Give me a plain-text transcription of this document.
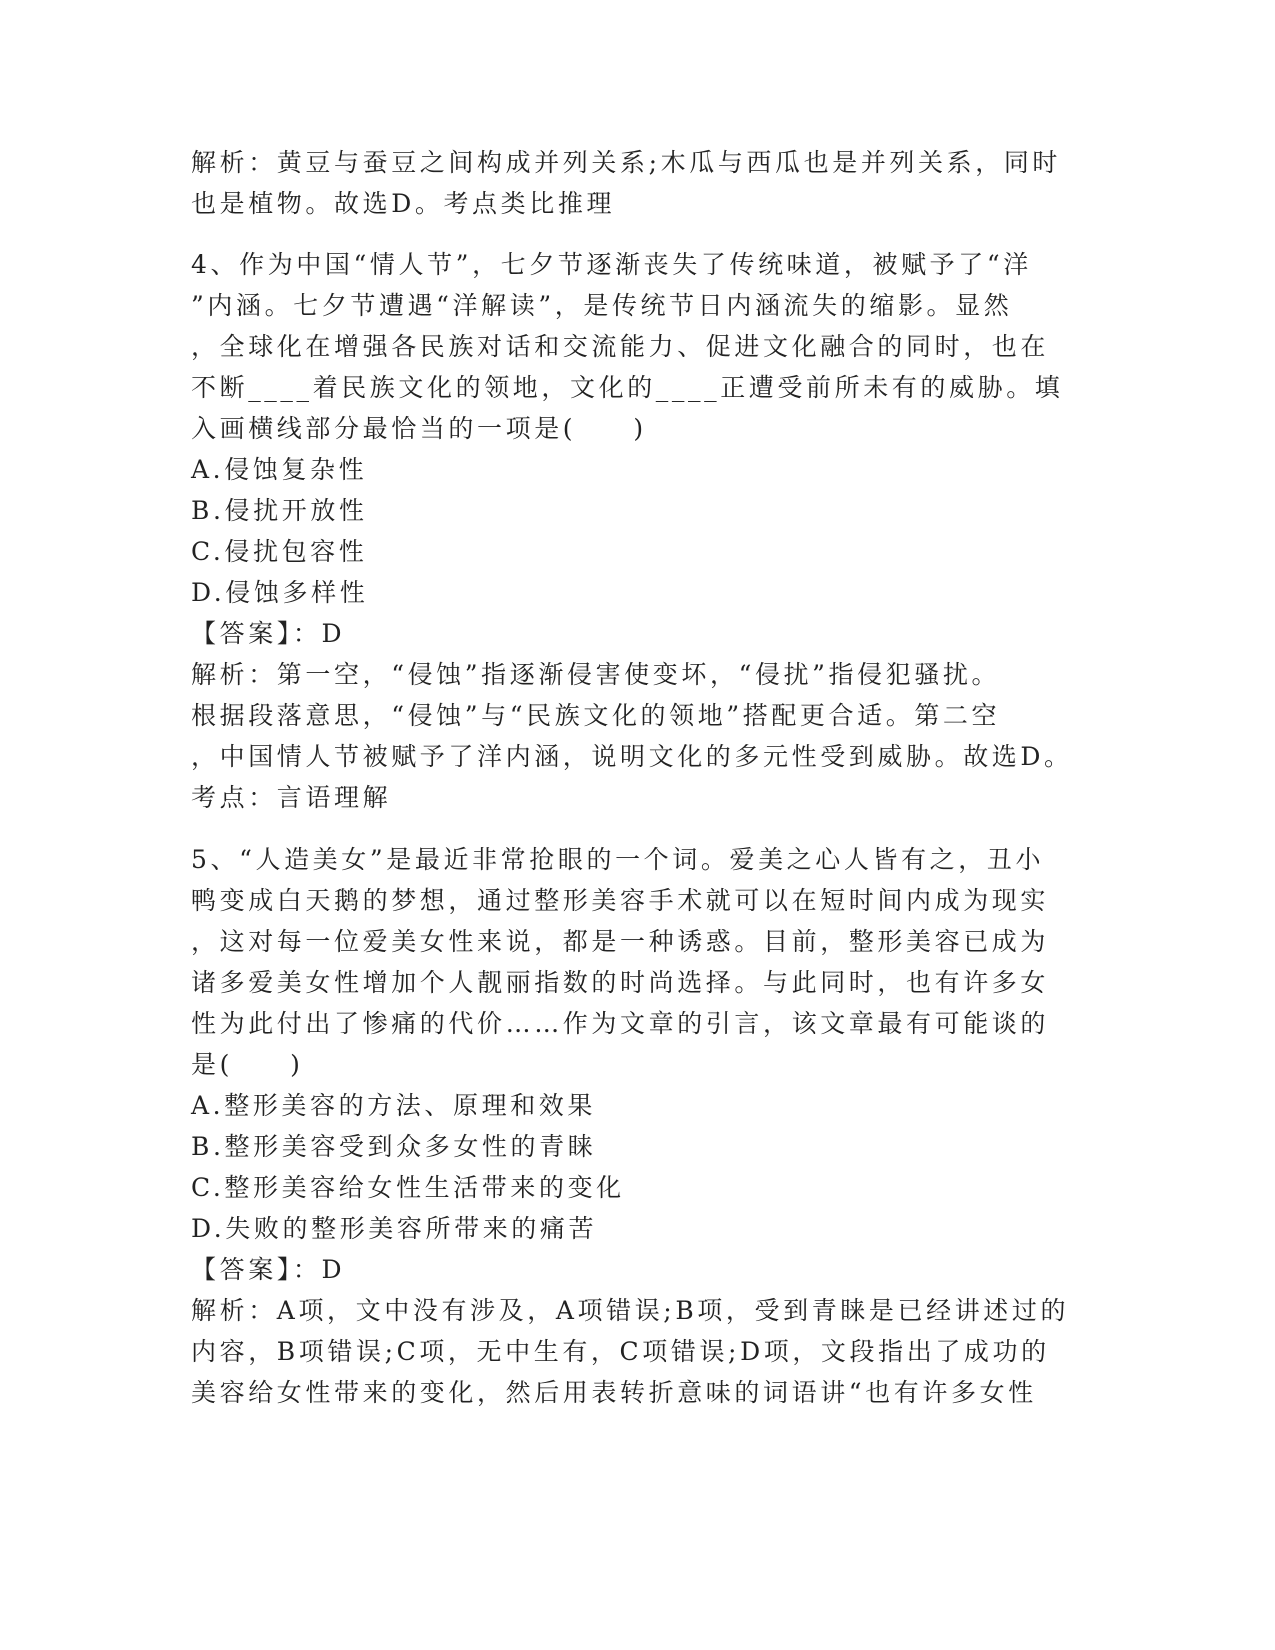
解析：黄豆与蚕豆之间构成并列关系;木瓜与西瓜也是并列关系，同时
也是植物。故选D。考点类比推理
4、作为中国“情人节”，七夕节逐渐丧失了传统味道，被赋予了“洋
”内涵。七夕节遭遇“洋解读”，是传统节日内涵流失的缩影。显然
，全球化在增强各民族对话和交流能力、促进文化融合的同时，也在
不断____着民族文化的领地，文化的____正遭受前所未有的威胁。填
入画横线部分最恰当的一项是(　　)
A.侵蚀复杂性
B.侵扰开放性
C.侵扰包容性
D.侵蚀多样性
【答案】：D
解析：第一空，“侵蚀”指逐渐侵害使变坏，“侵扰”指侵犯骚扰。
根据段落意思，“侵蚀”与“民族文化的领地”搭配更合适。第二空
，中国情人节被赋予了洋内涵，说明文化的多元性受到威胁。故选D。
考点：言语理解
5、“人造美女”是最近非常抢眼的一个词。爱美之心人皆有之，丑小
鸭变成白天鹅的梦想，通过整形美容手术就可以在短时间内成为现实
，这对每一位爱美女性来说，都是一种诱惑。目前，整形美容已成为
诸多爱美女性增加个人靓丽指数的时尚选择。与此同时，也有许多女
性为此付出了惨痛的代价……作为文章的引言，该文章最有可能谈的
是(　　)
A.整形美容的方法、原理和效果
B.整形美容受到众多女性的青睐
C.整形美容给女性生活带来的变化
D.失败的整形美容所带来的痛苦
【答案】：D
解析：A项，文中没有涉及，A项错误;B项，受到青睐是已经讲述过的
内容，B项错误;C项，无中生有，C项错误;D项，文段指出了成功的
美容给女性带来的变化，然后用表转折意味的词语讲“也有许多女性
